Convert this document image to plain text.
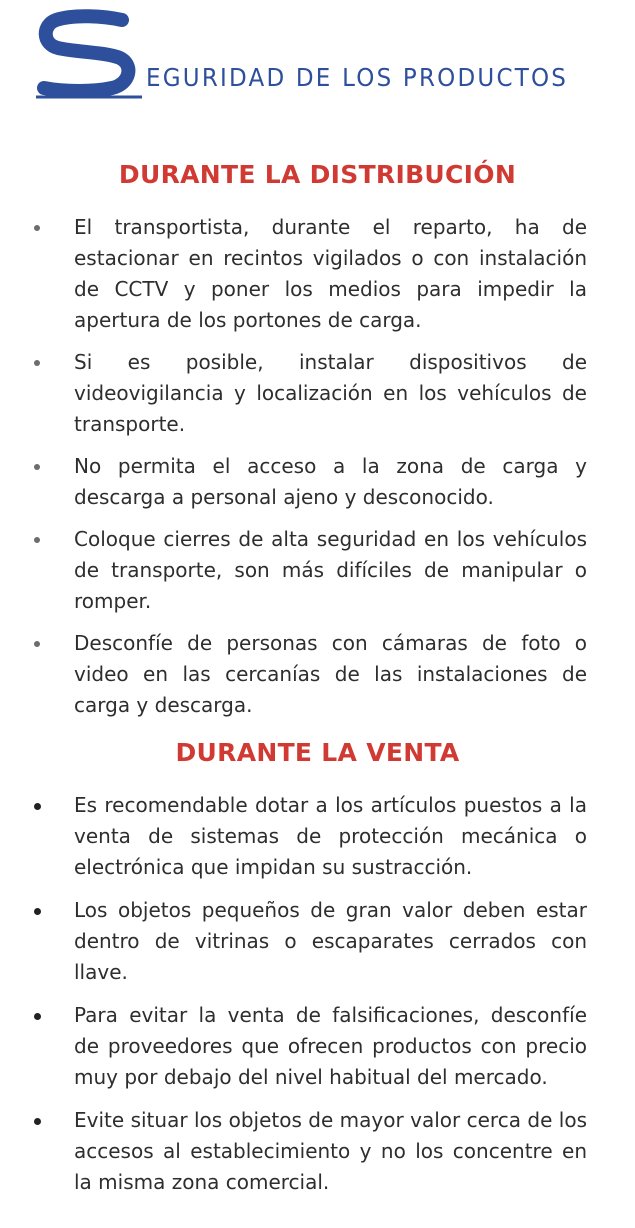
EGURIDAD DE LOS PRODUCTOS
DURANTE LA DISTRIBUCIÓN
El transportista, durante el reparto, ha de estacionar en recintos vigilados o con instalación de CCTV y poner los medios para impedir la apertura de los portones de carga.
Si es posible, instalar dispositivos de videovigilancia y localización en los vehículos de transporte.
No permita el acceso a la zona de carga y descarga a personal ajeno y desconocido.
Coloque cierres de alta seguridad en los vehículos de transporte, son más difíciles de manipular o romper.
Desconfíe de personas con cámaras de foto o video en las cercanías de las instalaciones de carga y descarga.
DURANTE LA VENTA
Es recomendable dotar a los artículos puestos a la venta de sistemas de protección mecánica o electrónica que impidan su sustracción.
Los objetos pequeños de gran valor deben estar dentro de vitrinas o escaparates cerrados con llave.
Para evitar la venta de falsificaciones, desconfíe de proveedores que ofrecen productos con precio muy por debajo del nivel habitual del mercado.
Evite situar los objetos de mayor valor cerca de los accesos al establecimiento y no los concentre en la misma zona comercial.
